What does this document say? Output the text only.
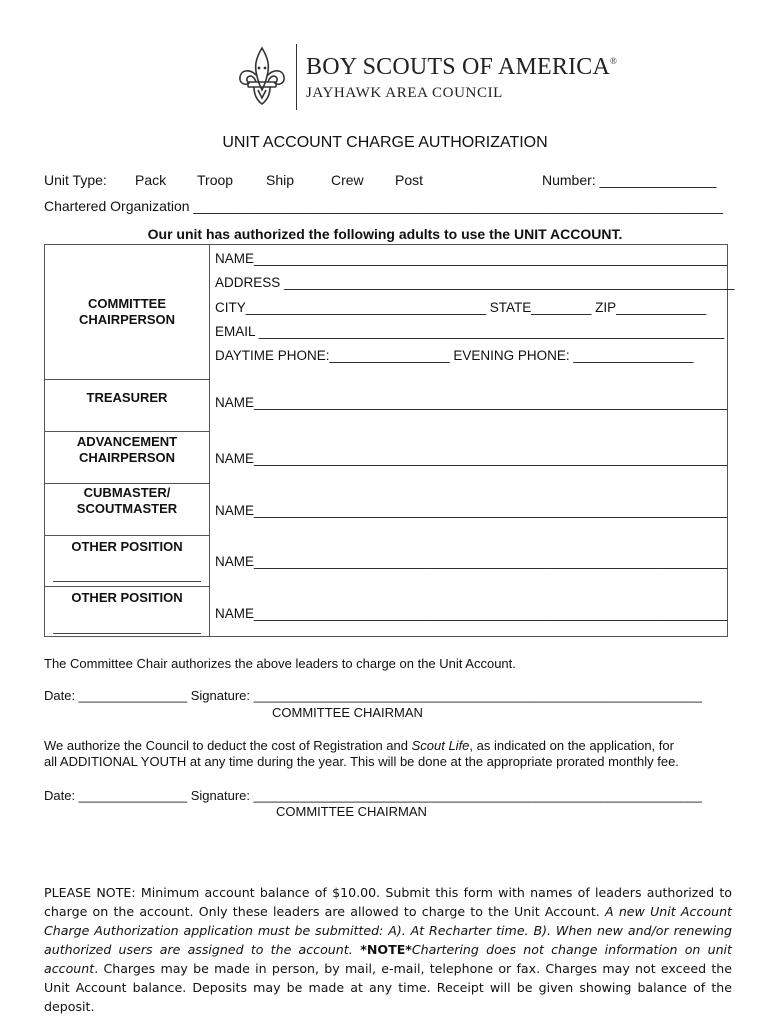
BOY SCOUTS OF AMERICA®
JAYHAWK AREA COUNCIL
UNIT ACCOUNT CHARGE AUTHORIZATION
Unit Type: Pack Troop Ship	Crew Post	Number: _______________
Chartered Organization ____________________________________________________________________
Our unit has authorized the following adults to use the UNIT ACCOUNT.
COMMITTEE
CHAIRPERSON
NAME_______________________________________________________________
ADDRESS ____________________________________________________________
CITY________________________________ STATE________ ZIP____________
EMAIL ______________________________________________________________
DAYTIME PHONE:________________ EVENING PHONE: ________________
TREASURER	NAME_______________________________________________________________
ADVANCEMENT
CHAIRPERSON	NAME_______________________________________________________________
CUBMASTER/
SCOUTMASTER	NAME_______________________________________________________________
OTHER POSITION
NAME_______________________________________________________________
OTHER POSITION
NAME_______________________________________________________________
The Committee Chair authorizes the above leaders to charge on the Unit Account.
Date: _______________ Signature: ______________________________________________________________
COMMITTEE CHAIRMAN
We authorize the Council to deduct the cost of Registration and Scout Life, as indicated on the application, for
all ADDITIONAL YOUTH at any time during the year. This will be done at the appropriate prorated monthly fee.
Date: _______________ Signature: ______________________________________________________________
COMMITTEE CHAIRMAN
PLEASE NOTE: Minimum account balance of $10.00. Submit this form with names of leaders authorized to charge on the account. Only these leaders are allowed to charge to the Unit Account. A new Unit Account Charge Authorization application must be submitted: A). At Recharter time. B). When new and/or renewing authorized users are assigned to the account. *NOTE*Chartering does not change information on unit account. Charges may be made in person, by mail, e-mail, telephone or fax. Charges may not exceed the Unit Account balance. Deposits may be made at any time. Receipt will be given showing balance of the deposit.
